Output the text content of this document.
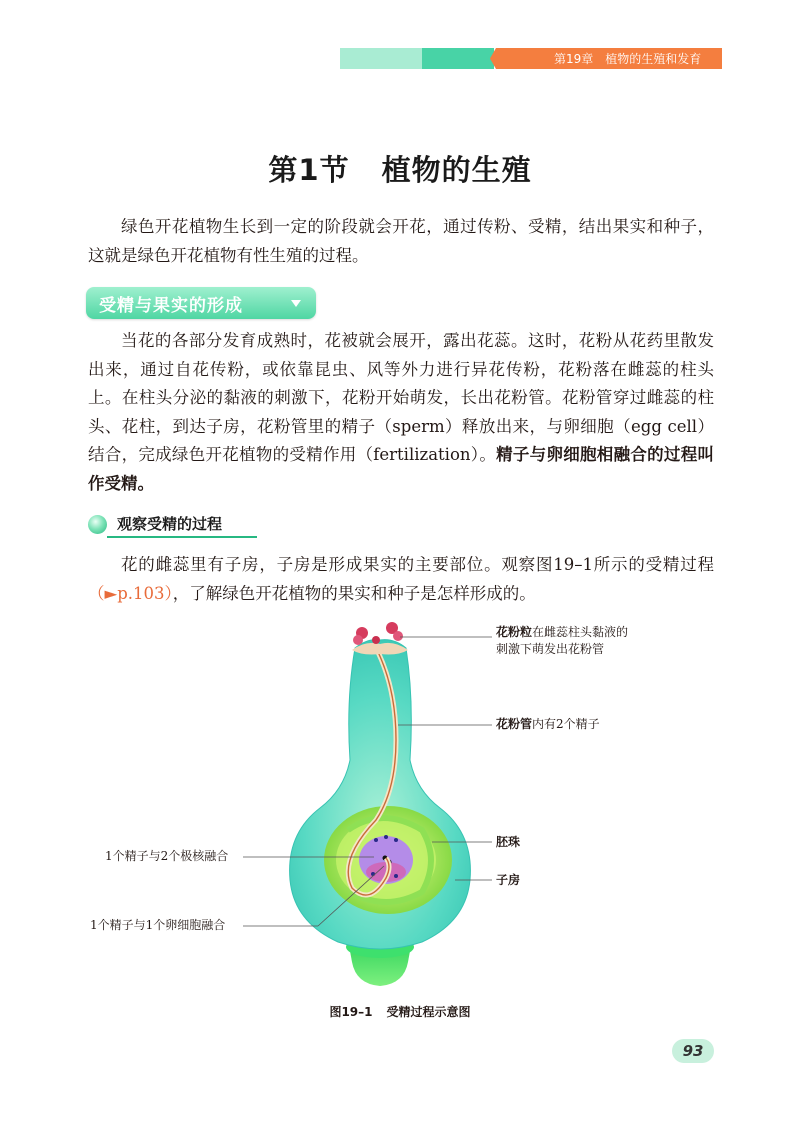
第19章 植物的生殖和发育
第1节 植物的生殖
绿色开花植物生长到一定的阶段就会开花，通过传粉、受精，结出果实和种子，这就是绿色开花植物有性生殖的过程。
受精与果实的形成
当花的各部分发育成熟时，花被就会展开，露出花蕊。这时，花粉从花药里散发出来，通过自花传粉，或依靠昆虫、风等外力进行异花传粉，花粉落在雌蕊的柱头上。在柱头分泌的黏液的刺激下，花粉开始萌发，长出花粉管。花粉管穿过雌蕊的柱头、花柱，到达子房，花粉管里的精子（sperm）释放出来，与卵细胞（egg cell）结合，完成绿色开花植物的受精作用（fertilization）。精子与卵细胞相融合的过程叫作受精。
观察受精的过程
花的雌蕊里有子房，子房是形成果实的主要部位。观察图19–1所示的受精过程（►p.103），了解绿色开花植物的果实和种子是怎样形成的。
花粉粒在雌蕊柱头黏液的
刺激下萌发出花粉管
花粉管内有2个精子
胚珠
子房
1个精子与2个极核融合
1个精子与1个卵细胞融合
图19–1 受精过程示意图
93
